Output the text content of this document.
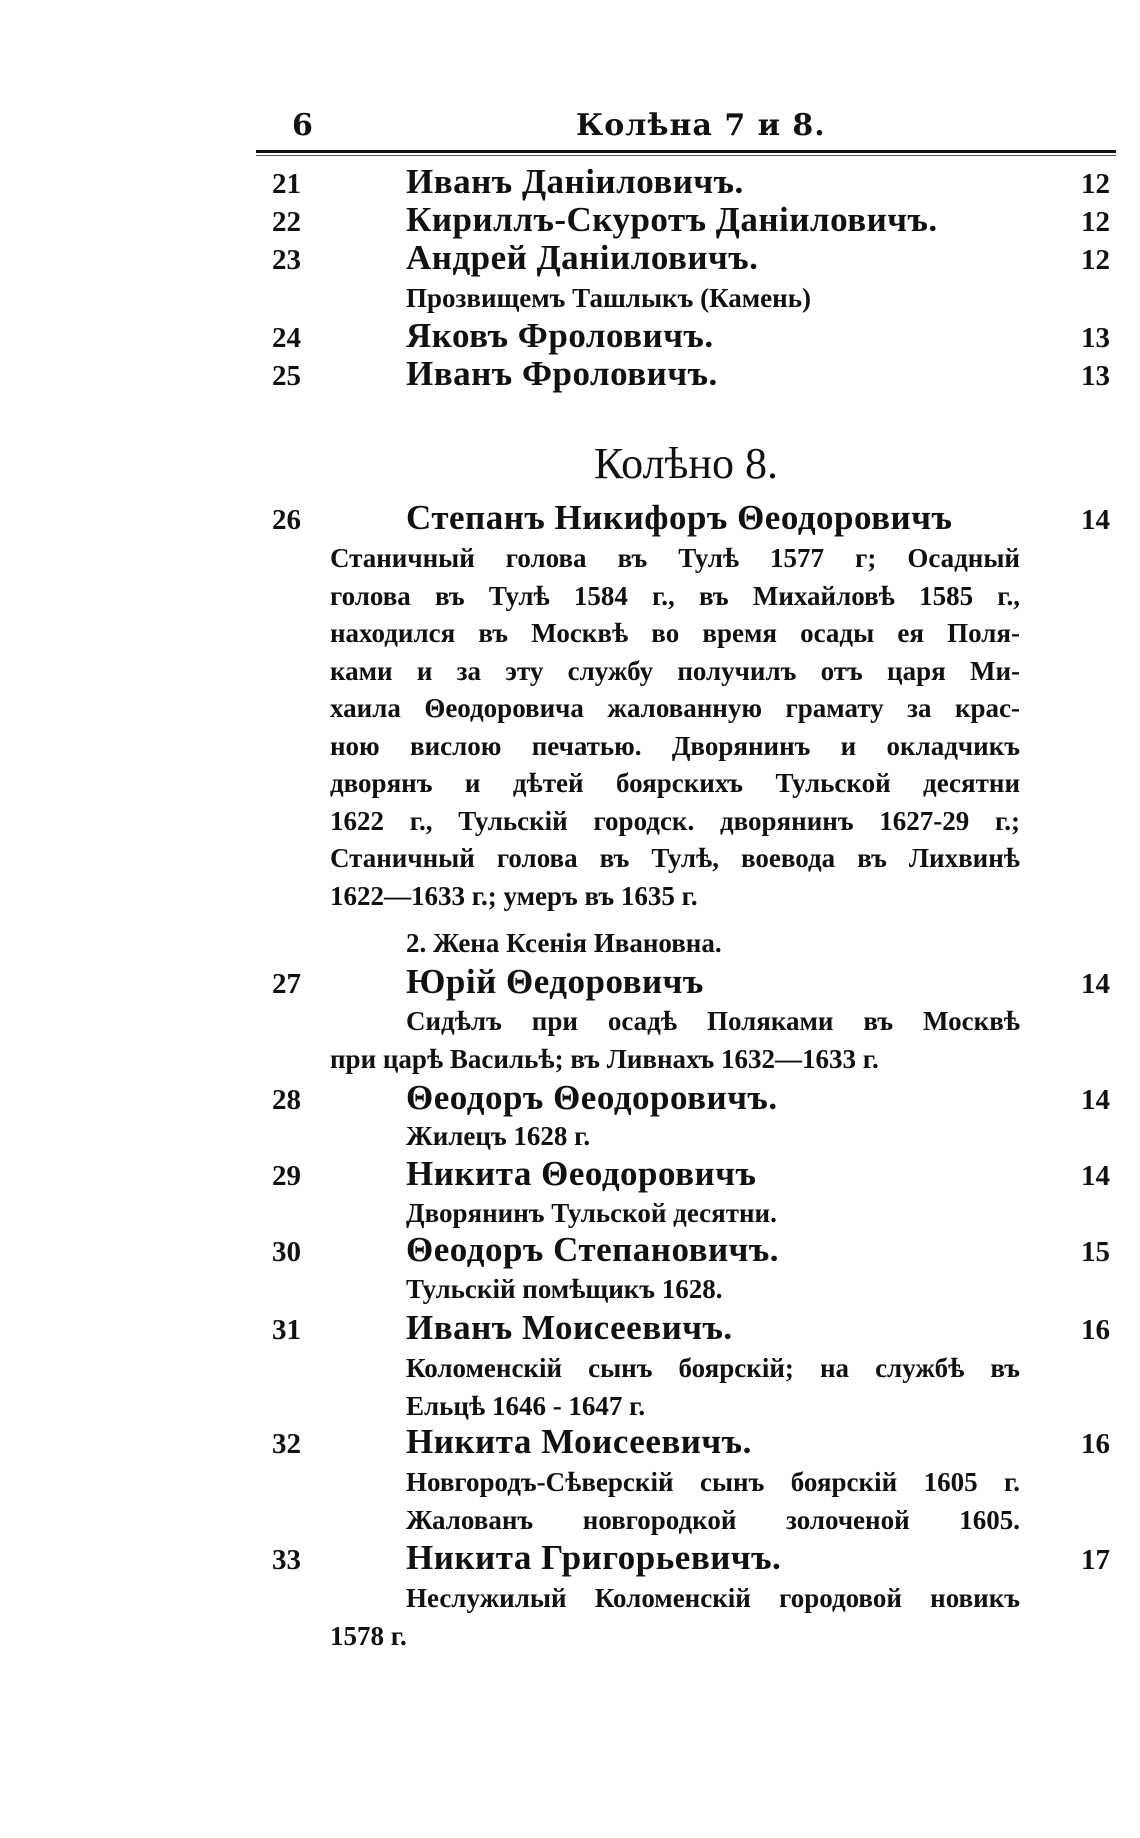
6	Колѣна 7 и 8.
21	Иванъ Даніиловичъ.	12
22	Кириллъ-Скуротъ Даніиловичъ.	12
23	Андрей Даніиловичъ.	12
Прозвищемъ Ташлыкъ (Камень)
24	Яковъ Фроловичъ.	13
25	Иванъ Фроловичъ.	13
Колѣно 8.
26	Степанъ Никифоръ Θеодоровичъ	14
Станичный голова въ Тулѣ 1577 г; Осадный
голова въ Тулѣ 1584 г., въ Михайловѣ 1585 г.,
находился въ Москвѣ во время осады ея Поля-
ками и за эту службу получилъ отъ царя Ми-
хаила Θеодоровича жалованную грамату за крас-
ною вислою печатью. Дворянинъ и окладчикъ
дворянъ и дѣтей боярскихъ Тульской десятни
1622 г., Тульскій городск. дворянинъ 1627-29 г.;
Станичный голова въ Тулѣ, воевода въ Лихвинѣ
1622—1633 г.; умеръ въ 1635 г.
2. Жена Ксенія Ивановна.
27	Юрій Θедоровичъ	14
Сидѣлъ при осадѣ Поляками въ Москвѣ
при царѣ Васильѣ; въ Ливнахъ 1632—1633 г.
28	Θеодоръ Θеодоровичъ.	14
Жилецъ 1628 г.
29	Никита Θеодоровичъ	14
Дворянинъ Тульской десятни.
30	Θеодоръ Степановичъ.	15
Тульскій помѣщикъ 1628.
31	Иванъ Моисеевичъ.	16
Коломенскій сынъ боярскій; на службѣ въ
Ельцѣ 1646 - 1647 г.
32	Никита Моисеевичъ.	16
Новгородъ-Сѣверскій сынъ боярскій 1605 г.
Жалованъ новгородкой золоченой 1605.
33	Никита Григорьевичъ.	17
Неслужилый Коломенскій городовой новикъ
1578 г.
